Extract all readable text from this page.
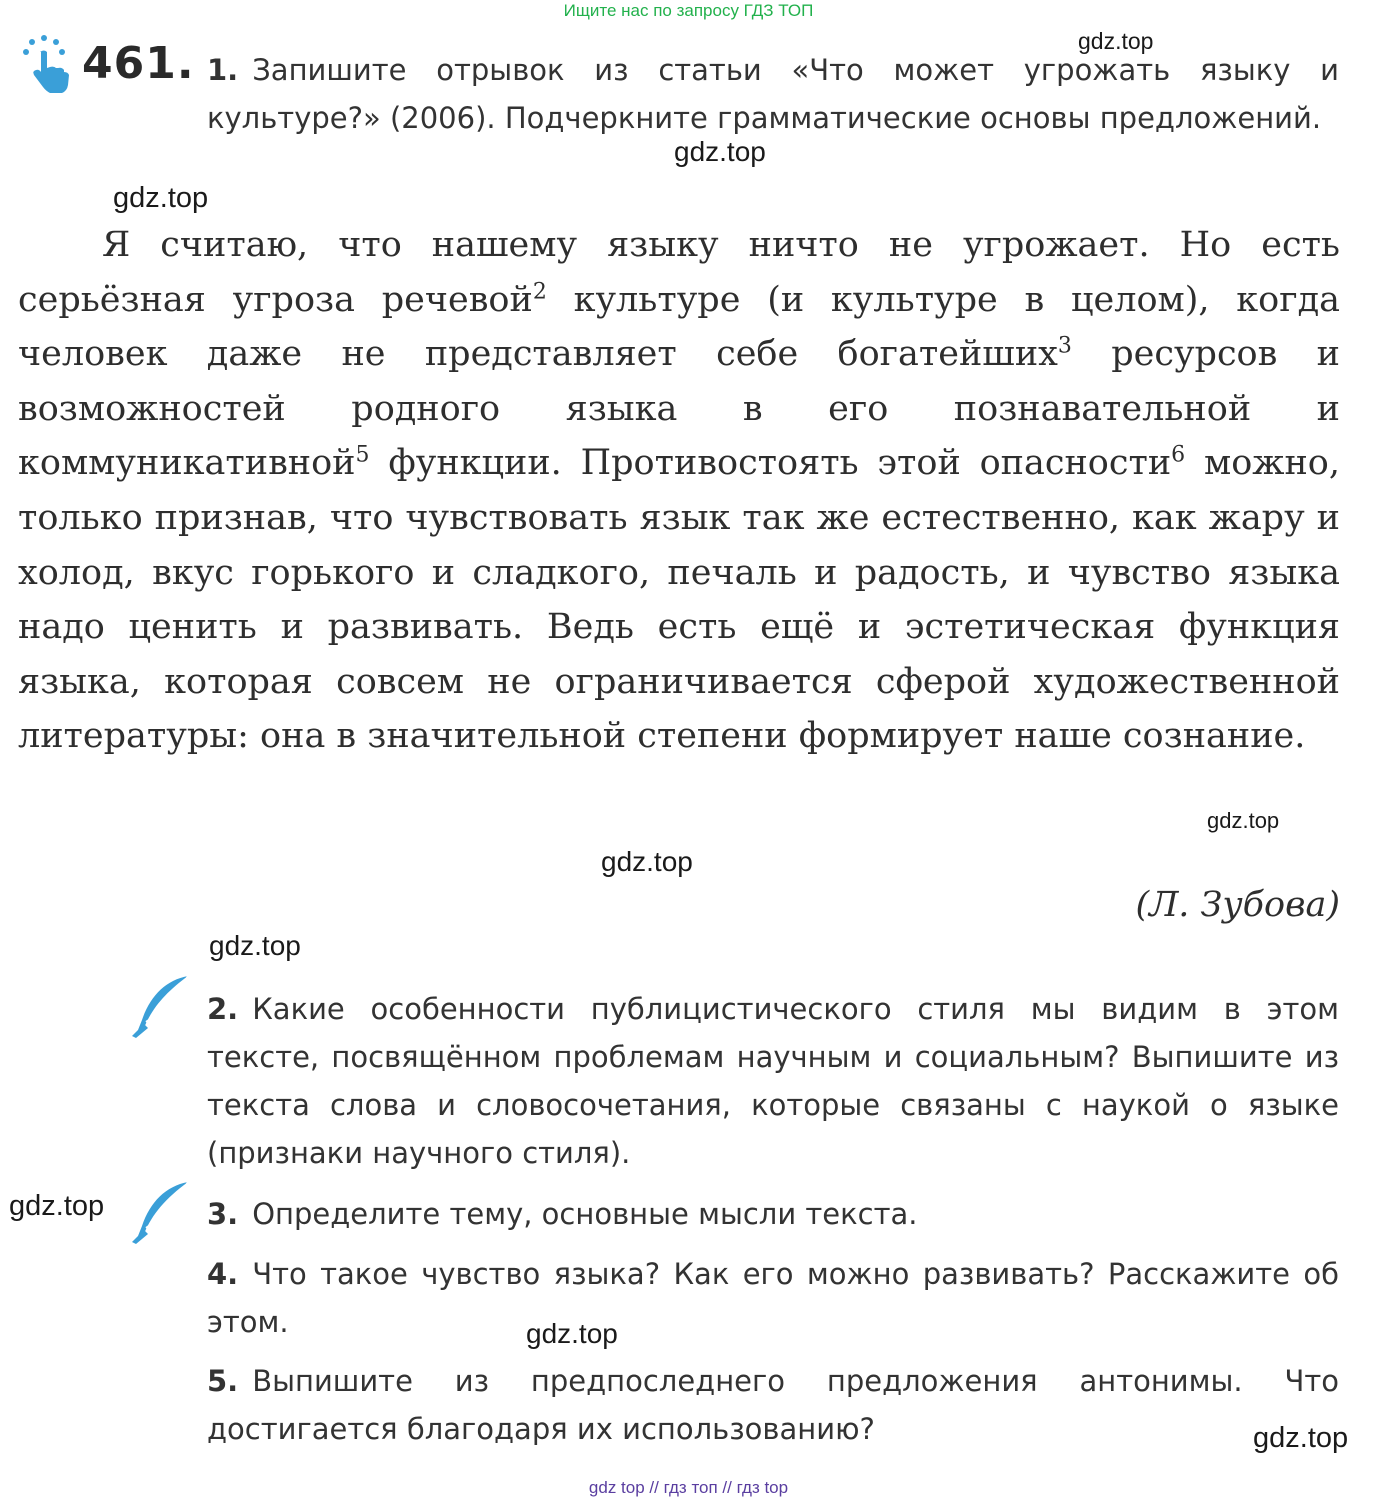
Ищите нас по запросу ГДЗ ТОП
461. 1. Запишите отрывок из статьи «Что может угрожать языку и культуре?» (2006). Подчеркните грамматические основы предложений.
Я считаю, что нашему языку ничто не угрожает. Но есть серьёзная угроза речевой$^2$ культуре (и культуре в целом), когда человек даже не представляет себе богатейших$^3$ ресурсов и возможностей родного языка в его познавательной и коммуникативной$^5$ функции. Противостоять этой опасности$^6$ можно, только признав, что чувствовать язык так же естественно, как жару и холод, вкус горького и сладкого, печаль и радость, и чувство языка надо ценить и развивать. Ведь есть ещё и эстетическая функция языка, которая совсем не ограничивается сферой художественной литературы: она в значительной степени формирует наше сознание.
(Л. Зубова)
2. Какие особенности публицистического стиля мы видим в этом тексте, посвящённом проблемам научным и социальным? Выпишите из текста слова и словосочетания, которые связаны с наукой о языке (признаки научного стиля).
3. Определите тему, основные мысли текста.
4. Что такое чувство языка? Как его можно развивать? Расскажите об этом.
5. Выпишите из предпоследнего предложения антонимы. Что достигается благодаря их использованию?
gdz.top
gdz.top
gdz.top
gdz.top
gdz.top
gdz.top
gdz.top
gdz.top
gdz.top
gdz top // гдз топ // гдз top
